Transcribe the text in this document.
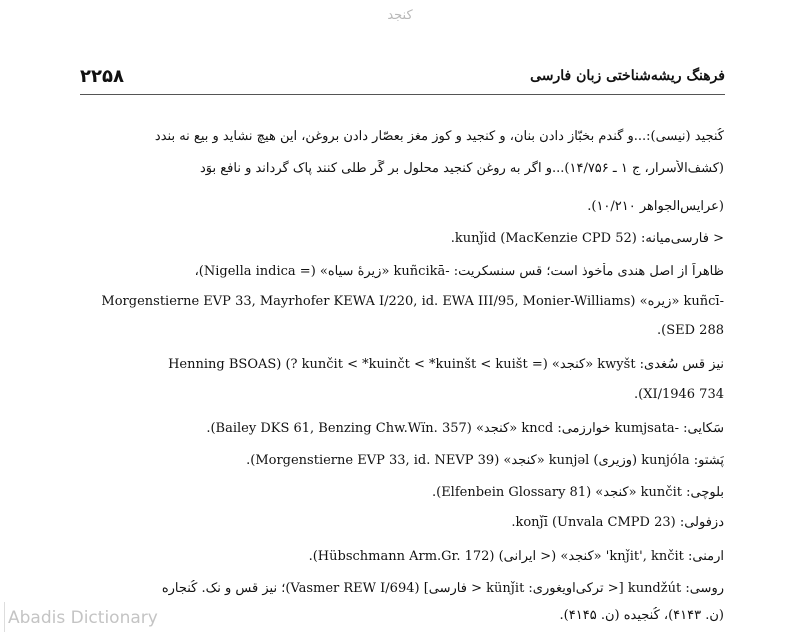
کنجد
۲۲۵۸	فرهنگ ریشه‌شناختی زبان فارسی
کُنجید (نیسی):...و گندم بخبّاز دادن بنان، و کنجید و کوز مغز بعصّار دادن بروغن، این هیچ نشاید و بیع نه بندد
(کشف‌الأسرار، ج ۱ ـ ۱۴/۷۵۶)...و اگر به روغن کنجید محلول بر گَر طلی کنند پاک گرداند و نافع بوَد
(عرایس‌الجواهر ۱۰/۲۱۰).
< فارسی‌میانه: kunǰid (MacKenzie CPD 52).
ظاهراً از اصل هندی مأخوذ است؛ قس سنسکریت: -kuñcikā «زیرهٔ سیاه» (= Nigella indica)،
-kuñcī «زیره» (Morgenstierne EVP 33, Mayrhofer KEWA I/220, id. EWA III/95, Monier-Williams
SED 288).
نیز قس سُغدی: kwyšt «کنجد» (= kunčit < *kuinčt < *kuinšt < kuišt ?) (Henning BSOAS
XI/1946 734).
سَکایی: -kumjsata خوارزمی: kncd «کنجد» (Bailey DKS 61, Benzing Chw.Wïn. 357).
پَشتو: kunjóla (وزیری) kunjəl «کنجد» (Morgenstierne EVP 33, id. NEVP 39).
بلوچی: kunčit «کنجد» (Elfenbein Glossary 81).
دزفولی: konǰī (Unvala CMPD 23).
ارمنی: knǰit', knčit' «کنجد» (< ایرانی) (Hübschmann Arm.Gr. 172).
روسی: kundžút [< ترکی‌اویغوری: künǰit < فارسی] (Vasmer REW I/694)؛ نیز قس و نک. کُنجاره
(ن. ۴۱۴۳)، کُنجیده (ن. ۴۱۴۵).
Abadis Dictionary
